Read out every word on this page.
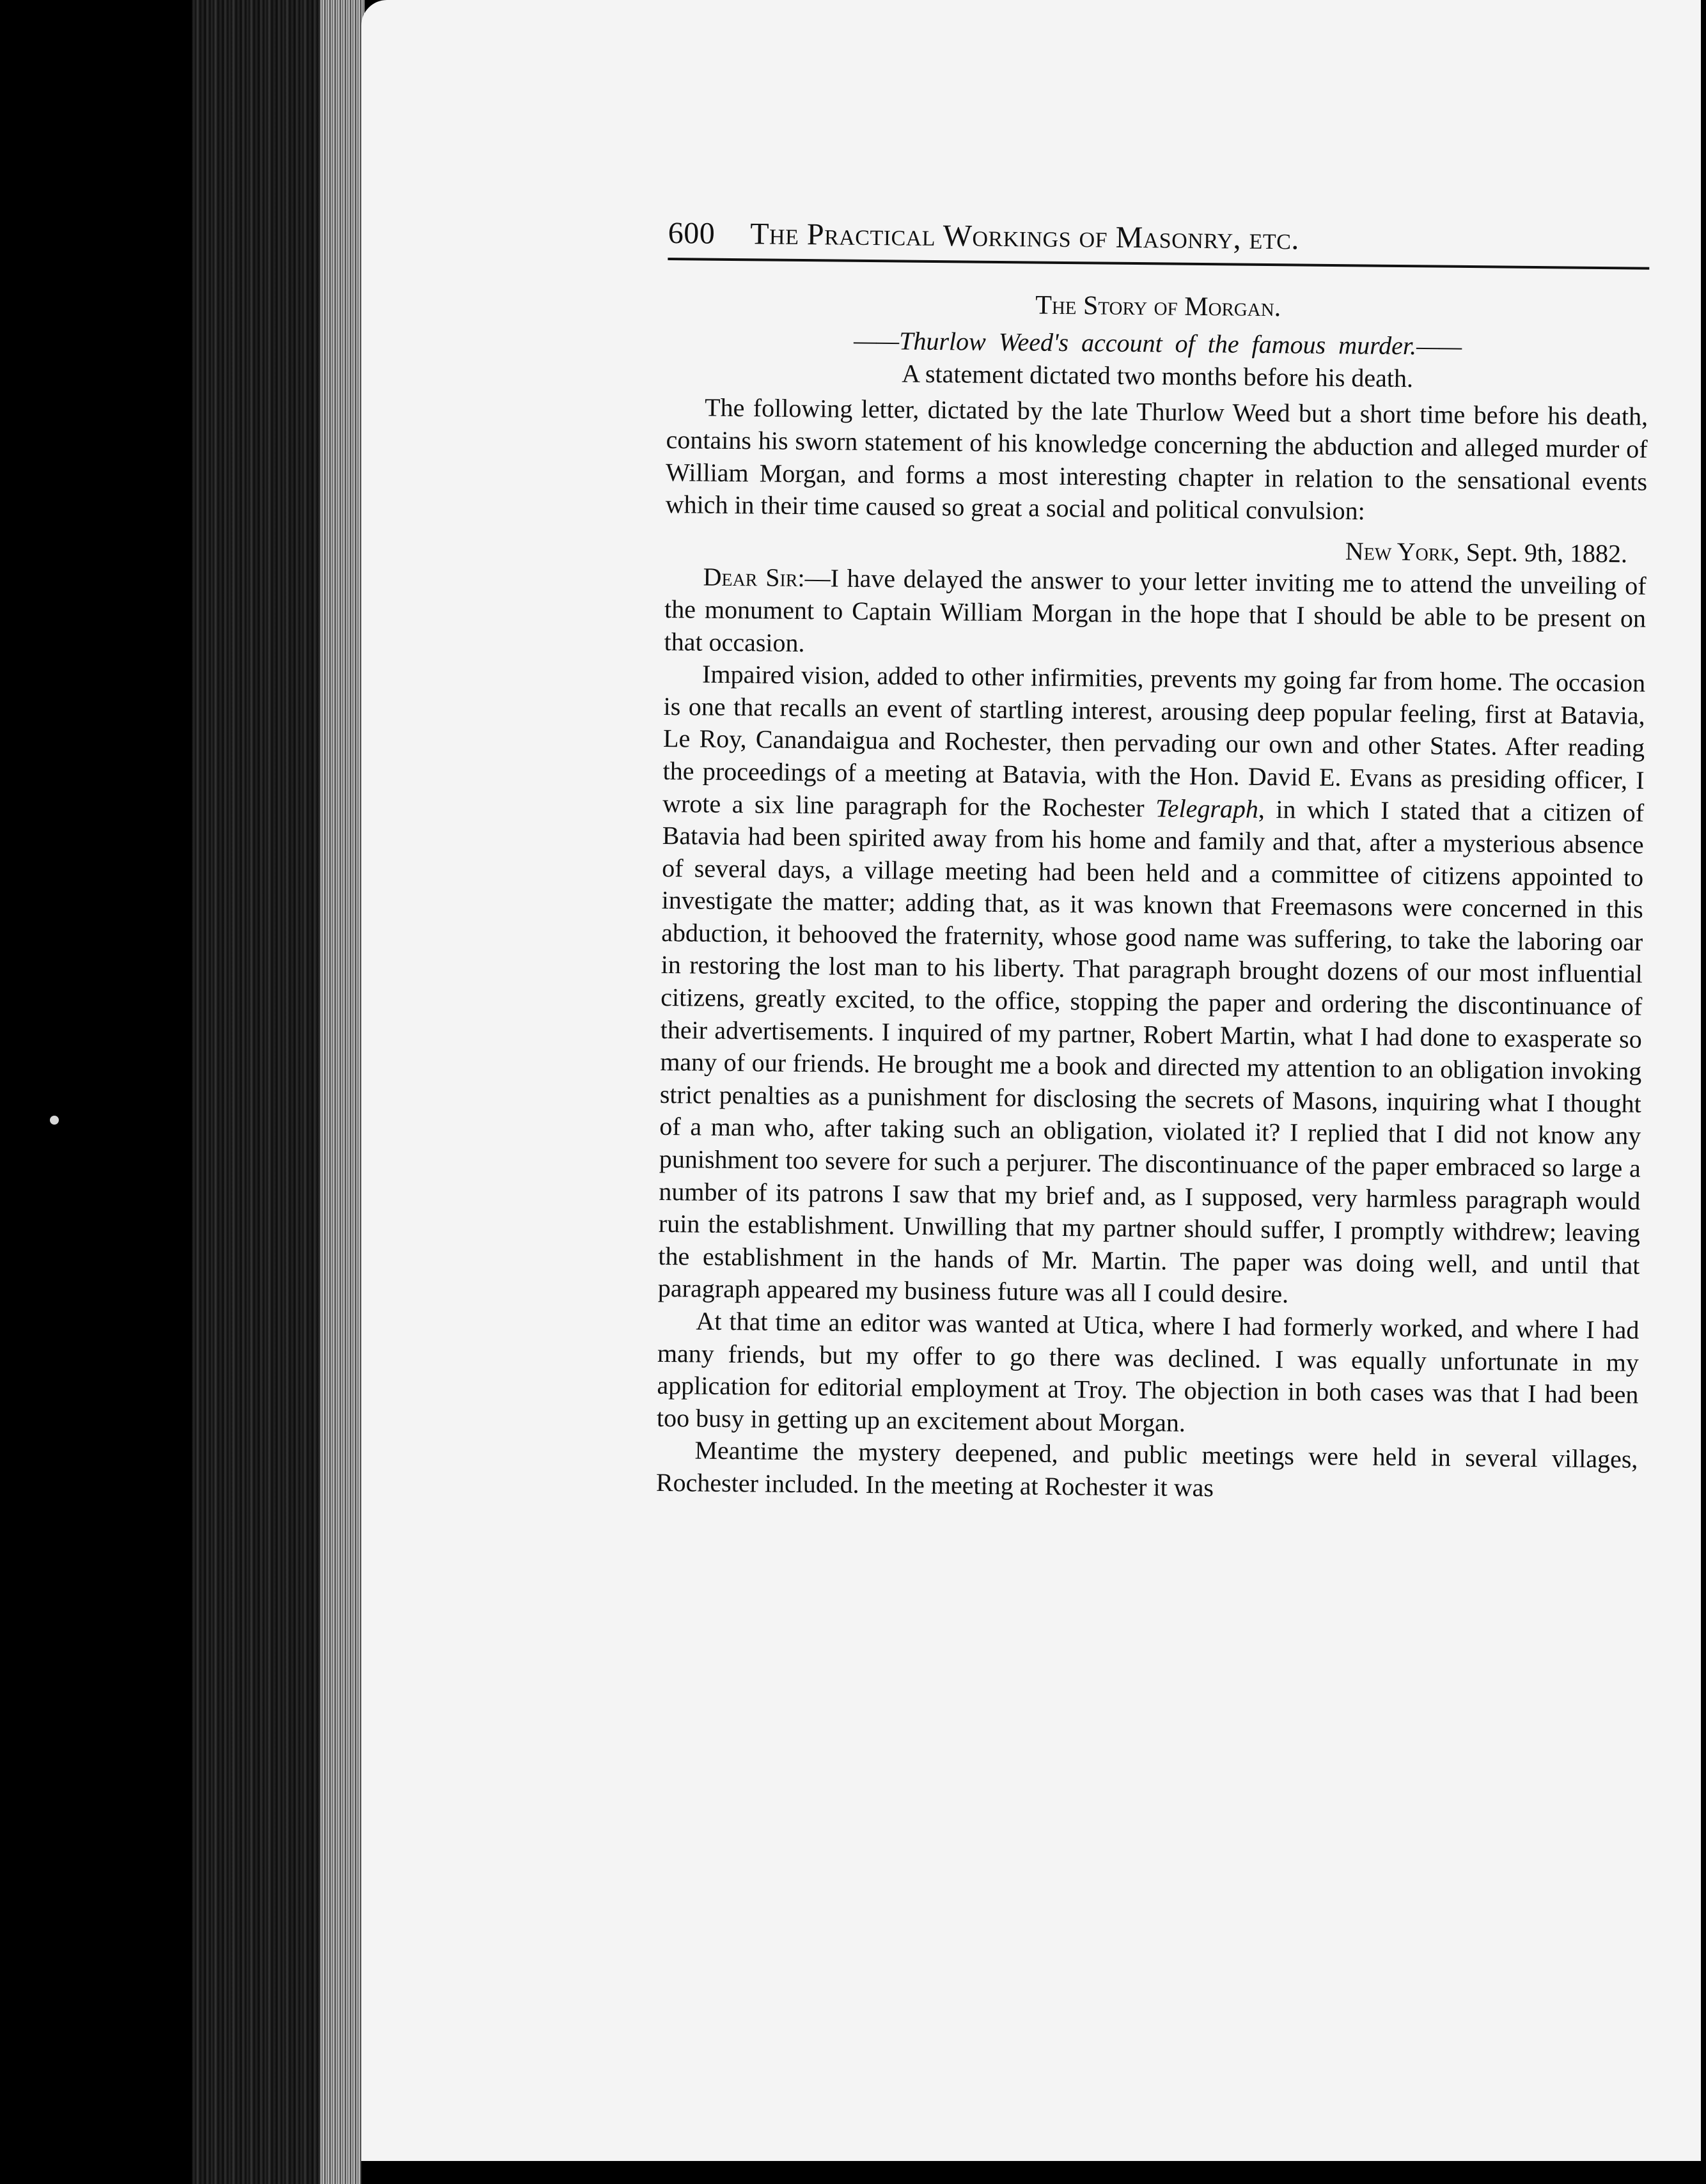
600 The Practical Workings of Masonry, etc.
The Story of Morgan.
——Thurlow Weed's account of the famous murder.——
A statement dictated two months before his death.

The following letter, dictated by the late Thurlow Weed but a short time before his death, contains his sworn statement of his knowledge concerning the abduction and alleged murder of William Morgan, and forms a most interesting chapter in relation to the sensational events which in their time caused so great a social and political convulsion:

New York, Sept. 9th, 1882.

Dear Sir:—I have delayed the answer to your letter inviting me to attend the unveiling of the monument to Captain William Morgan in the hope that I should be able to be present on that occasion.

Impaired vision, added to other infirmities, prevents my going far from home. The occasion is one that recalls an event of startling interest, arousing deep popular feeling, first at Batavia, Le Roy, Canandaigua and Rochester, then pervading our own and other States. After reading the proceedings of a meeting at Batavia, with the Hon. David E. Evans as presiding officer, I wrote a six line paragraph for the Rochester Telegraph, in which I stated that a citizen of Batavia had been spirited away from his home and family and that, after a mysterious absence of several days, a village meeting had been held and a committee of citizens appointed to investigate the matter; adding that, as it was known that Freemasons were concerned in this abduction, it behooved the fraternity, whose good name was suffering, to take the laboring oar in restoring the lost man to his liberty. That paragraph brought dozens of our most influential citizens, greatly excited, to the office, stopping the paper and ordering the discontinuance of their advertisements. I inquired of my partner, Robert Martin, what I had done to exasperate so many of our friends. He brought me a book and directed my attention to an obligation invoking strict penalties as a punishment for disclosing the secrets of Masons, inquiring what I thought of a man who, after taking such an obligation, violated it? I replied that I did not know any punishment too severe for such a perjurer. The discontinuance of the paper embraced so large a number of its patrons I saw that my brief and, as I supposed, very harmless paragraph would ruin the establishment. Unwilling that my partner should suffer, I promptly withdrew; leaving the establishment in the hands of Mr. Martin. The paper was doing well, and until that paragraph appeared my business future was all I could desire.

At that time an editor was wanted at Utica, where I had formerly worked, and where I had many friends, but my offer to go there was declined. I was equally unfortunate in my application for editorial employment at Troy. The objection in both cases was that I had been too busy in getting up an excitement about Morgan.

Meantime the mystery deepened, and public meetings were held in several villages, Rochester included. In the meeting at Rochester it was
